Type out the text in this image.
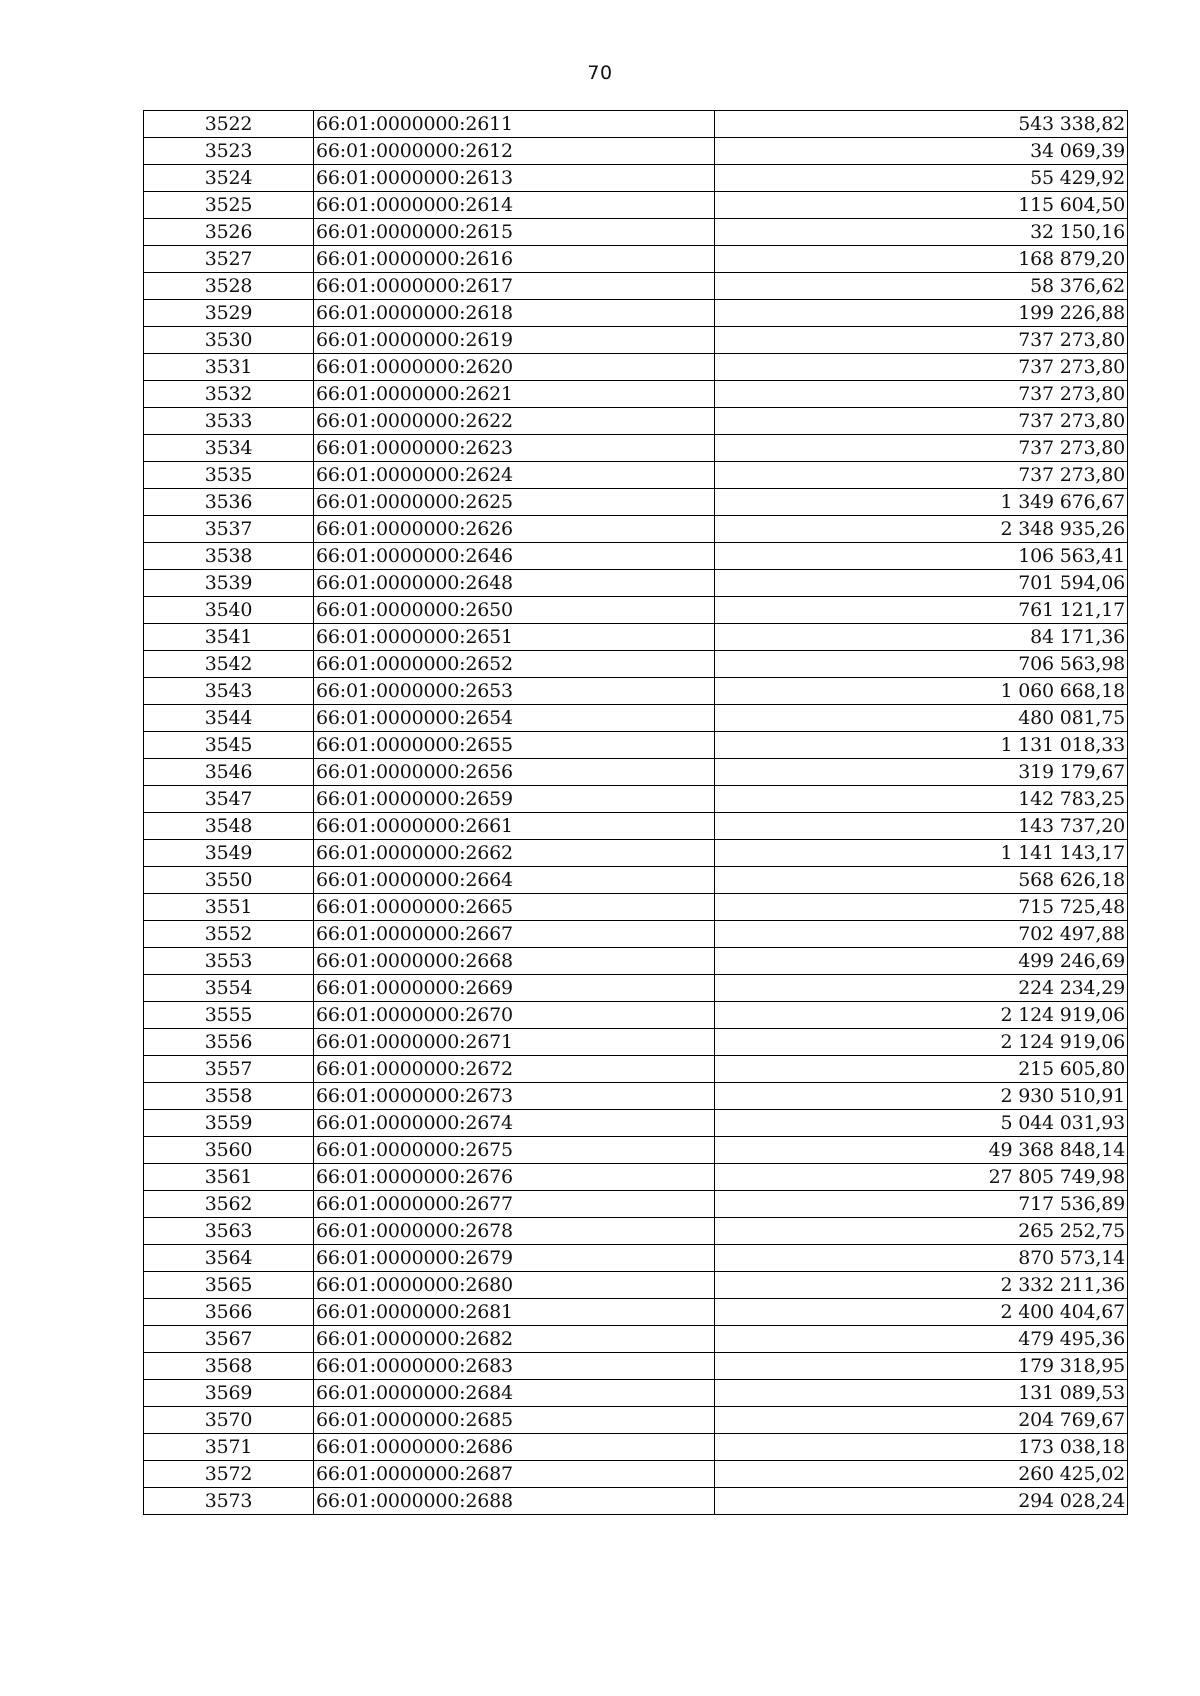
70
3522	66:01:0000000:2611	543 338,82
3523	66:01:0000000:2612	34 069,39
3524	66:01:0000000:2613	55 429,92
3525	66:01:0000000:2614	115 604,50
3526	66:01:0000000:2615	32 150,16
3527	66:01:0000000:2616	168 879,20
3528	66:01:0000000:2617	58 376,62
3529	66:01:0000000:2618	199 226,88
3530	66:01:0000000:2619	737 273,80
3531	66:01:0000000:2620	737 273,80
3532	66:01:0000000:2621	737 273,80
3533	66:01:0000000:2622	737 273,80
3534	66:01:0000000:2623	737 273,80
3535	66:01:0000000:2624	737 273,80
3536	66:01:0000000:2625	1 349 676,67
3537	66:01:0000000:2626	2 348 935,26
3538	66:01:0000000:2646	106 563,41
3539	66:01:0000000:2648	701 594,06
3540	66:01:0000000:2650	761 121,17
3541	66:01:0000000:2651	84 171,36
3542	66:01:0000000:2652	706 563,98
3543	66:01:0000000:2653	1 060 668,18
3544	66:01:0000000:2654	480 081,75
3545	66:01:0000000:2655	1 131 018,33
3546	66:01:0000000:2656	319 179,67
3547	66:01:0000000:2659	142 783,25
3548	66:01:0000000:2661	143 737,20
3549	66:01:0000000:2662	1 141 143,17
3550	66:01:0000000:2664	568 626,18
3551	66:01:0000000:2665	715 725,48
3552	66:01:0000000:2667	702 497,88
3553	66:01:0000000:2668	499 246,69
3554	66:01:0000000:2669	224 234,29
3555	66:01:0000000:2670	2 124 919,06
3556	66:01:0000000:2671	2 124 919,06
3557	66:01:0000000:2672	215 605,80
3558	66:01:0000000:2673	2 930 510,91
3559	66:01:0000000:2674	5 044 031,93
3560	66:01:0000000:2675	49 368 848,14
3561	66:01:0000000:2676	27 805 749,98
3562	66:01:0000000:2677	717 536,89
3563	66:01:0000000:2678	265 252,75
3564	66:01:0000000:2679	870 573,14
3565	66:01:0000000:2680	2 332 211,36
3566	66:01:0000000:2681	2 400 404,67
3567	66:01:0000000:2682	479 495,36
3568	66:01:0000000:2683	179 318,95
3569	66:01:0000000:2684	131 089,53
3570	66:01:0000000:2685	204 769,67
3571	66:01:0000000:2686	173 038,18
3572	66:01:0000000:2687	260 425,02
3573	66:01:0000000:2688	294 028,24
